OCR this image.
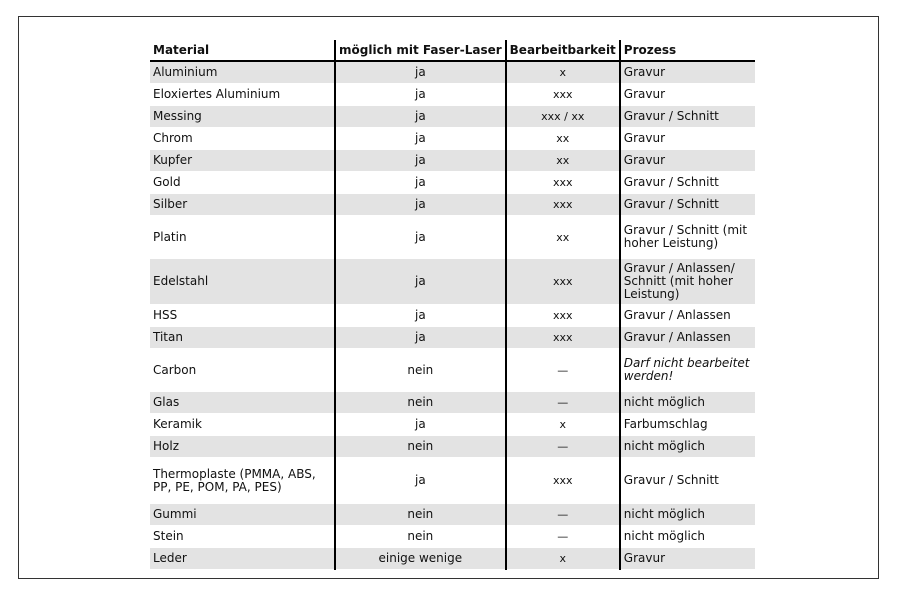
Material	möglich mit Faser-Laser	Bearbeitbarkeit	Prozess
Aluminium	ja	x	Gravur
Eloxiertes Aluminium	ja	xxx	Gravur
Messing	ja	xxx / xx	Gravur / Schnitt
Chrom	ja	xx	Gravur
Kupfer	ja	xx	Gravur
Gold	ja	xxx	Gravur / Schnitt
Silber	ja	xxx	Gravur / Schnitt
Platin	ja	xx	Gravur / Schnitt (mit hoher Leistung)
Edelstahl	ja	xxx	Gravur / Anlassen/ Schnitt (mit hoher Leistung)
HSS	ja	xxx	Gravur / Anlassen
Titan	ja	xxx	Gravur / Anlassen
Carbon	nein	—	Darf nicht bearbeitet werden!
Glas	nein	—	nicht möglich
Keramik	ja	x	Farbumschlag
Holz	nein	—	nicht möglich
Thermoplaste (PMMA, ABS, PP, PE, POM, PA, PES)	ja	xxx	Gravur / Schnitt
Gummi	nein	—	nicht möglich
Stein	nein	—	nicht möglich
Leder	einige wenige	x	Gravur
